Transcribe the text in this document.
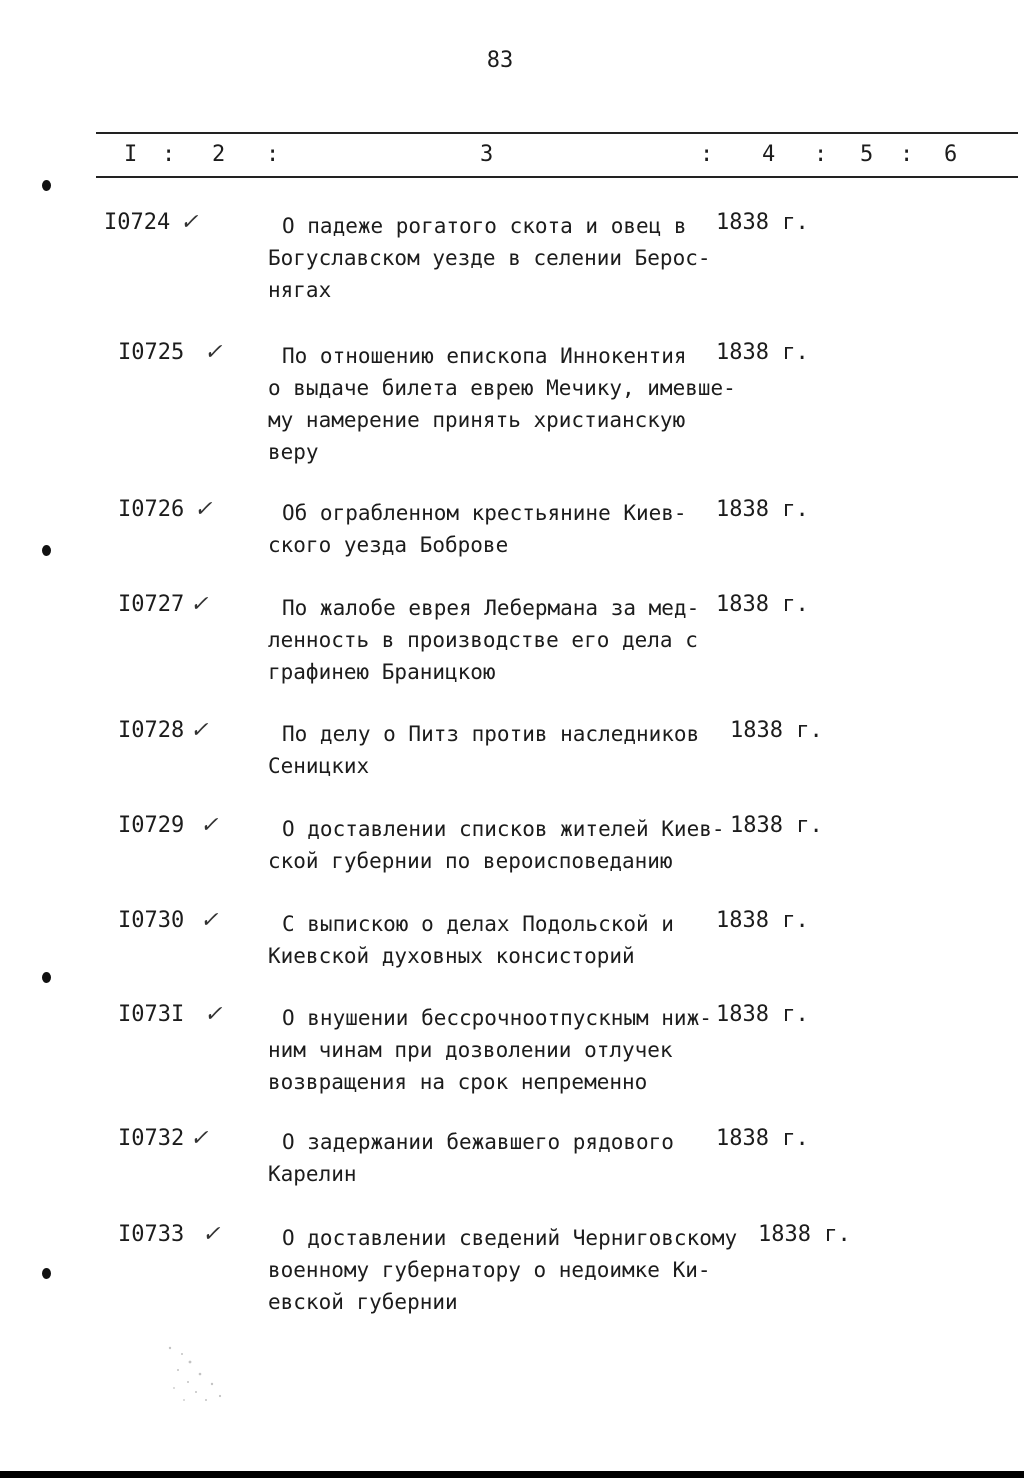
83
I : 2 :	3	: 4 : 5 : 6
I0724 ✓	О падеже рогатого скота и овец в
Богуславском уезде в селении Берос-
нягах
1838 г.
I0725 ✓	По отношению епископа Иннокентия
о выдаче билета еврею Мечику, имевше-
му намерение принять христианскую
веру
1838 г.
I0726 ✓	Об ограбленном крестьянине Киев-
ского уезда Боброве
1838 г.
I0727 ✓	По жалобе еврея Лебермана за мед-
ленность в производстве его дела с
графинею Браницкою
1838 г.
I0728 ✓	По делу о Питз против наследников
Сеницких
1838 г.
I0729 ✓	О доставлении списков жителей Киев-
ской губернии по вероисповеданию
1838 г.
I0730 ✓	С выпискою о делах Подольской и
Киевской духовных консисторий
1838 г.
I073I ✓	О внушении бессрочноотпускным ниж-
ним чинам при дозволении отлучек
возвращения на срок непременно
1838 г.
I0732 ✓	О задержании бежавшего рядового
Карелин
1838 г.
I0733 ✓	О доставлении сведений Черниговскому
военному губернатору о недоимке Ки-
евской губернии
1838 г.
